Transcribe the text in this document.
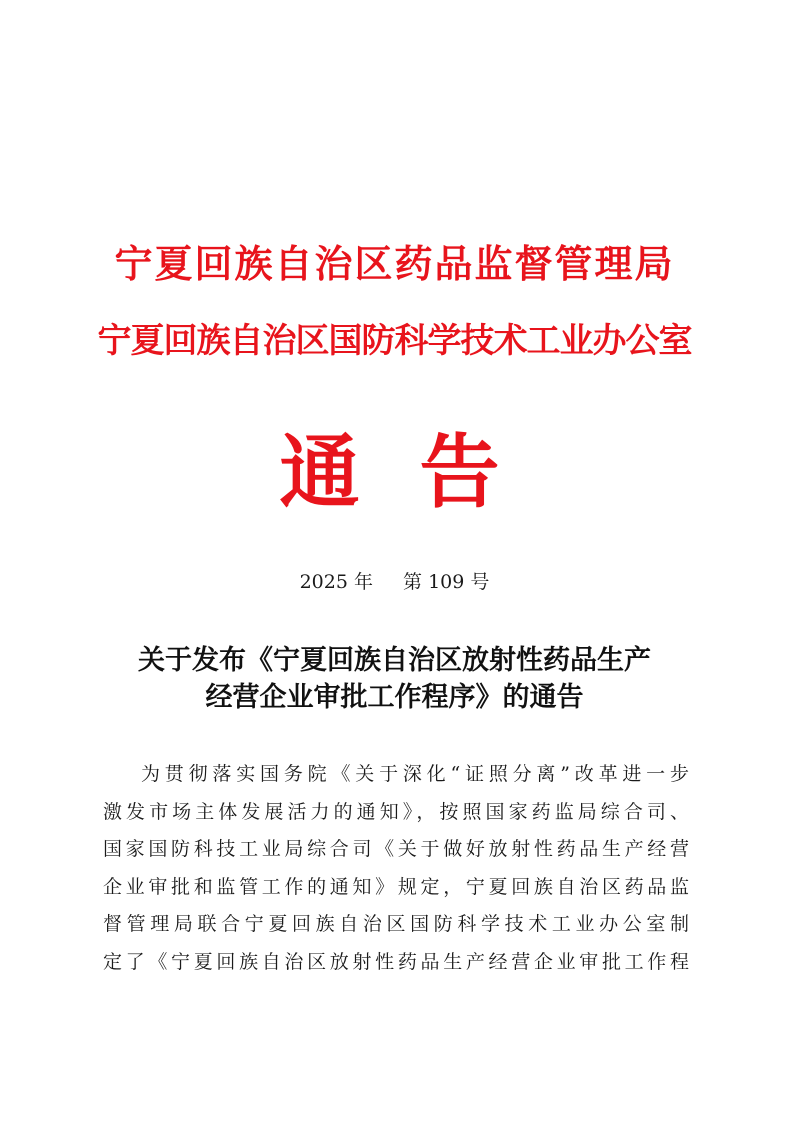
宁夏回族自治区药品监督管理局
宁夏回族自治区国防科学技术工业办公室
通告
2025 年 第 109 号
关于发布《宁夏回族自治区放射性药品生产
经营企业审批工作程序》的通告
为贯彻落实国务院《关于深化“证照分离”改革进一步
激发市场主体发展活力的通知》，按照国家药监局综合司、
国家国防科技工业局综合司《关于做好放射性药品生产经营
企业审批和监管工作的通知》规定，宁夏回族自治区药品监
督管理局联合宁夏回族自治区国防科学技术工业办公室制
定了《宁夏回族自治区放射性药品生产经营企业审批工作程
